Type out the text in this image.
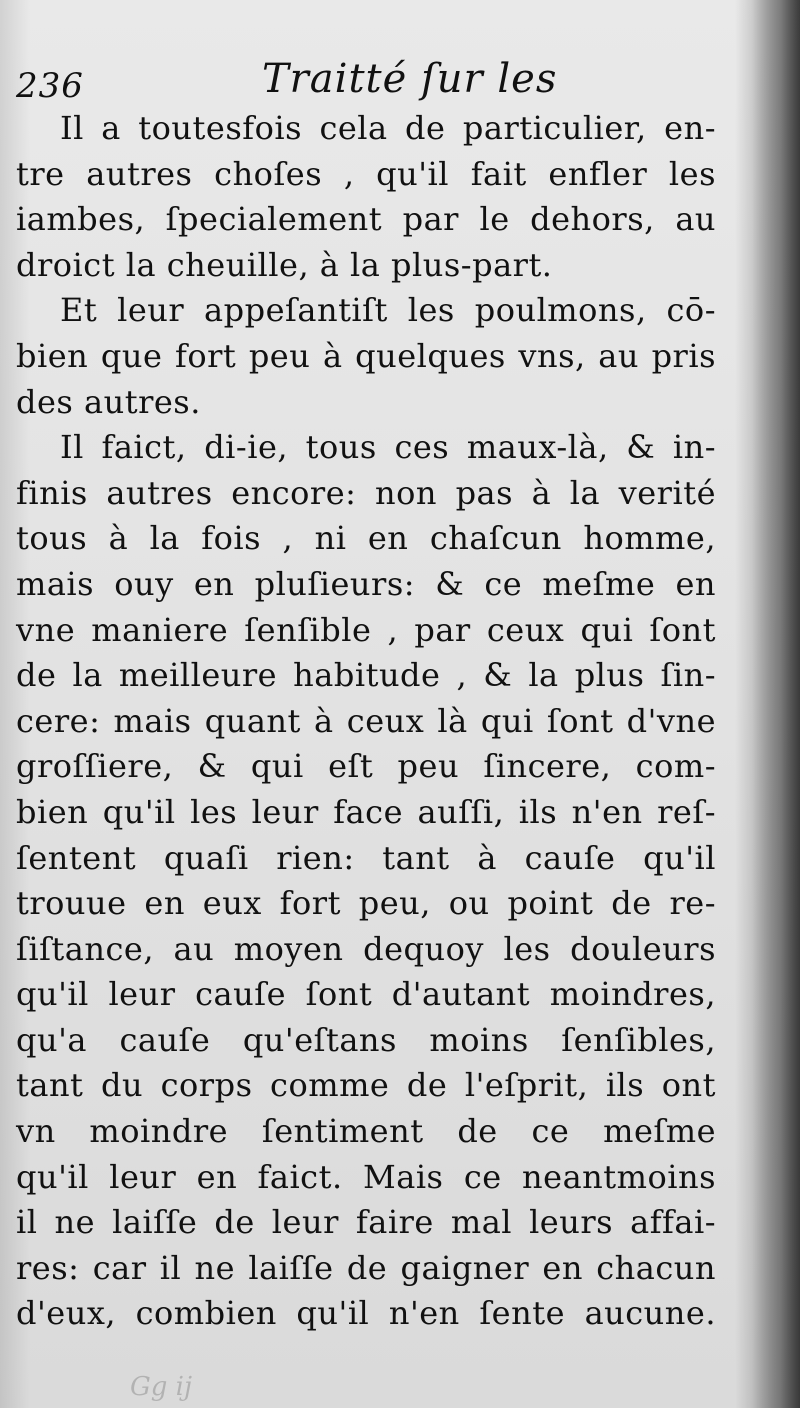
236	Traitté ſur les
Il a toutesfois cela de particulier, en-
tre autres choſes , qu'il fait enfler les
iambes, ſpecialement par le dehors, au
droict la cheuille, à la plus-part.
Et leur appeſantiſt les poulmons, cō-
bien que fort peu à quelques vns, au pris
des autres.
Il faict, di-ie, tous ces maux-là, & in-
finis autres encore: non pas à la verité
tous à la fois , ni en chaſcun homme,
mais ouy en pluſieurs: & ce meſme en
vne maniere ſenſible , par ceux qui ſont
de la meilleure habitude , & la plus ſin-
cere: mais quant à ceux là qui ſont d'vne
groſſiere, & qui eſt peu ſincere, com-
bien qu'il les leur face auſſi, ils n'en reſ-
ſentent quaſi rien: tant à cauſe qu'il
trouue en eux fort peu, ou point de re-
ſiſtance, au moyen dequoy les douleurs
qu'il leur cauſe ſont d'autant moindres,
qu'a cauſe qu'eſtans moins ſenſibles,
tant du corps comme de l'eſprit, ils ont
vn moindre ſentiment de ce meſme
qu'il leur en faict. Mais ce neantmoins
il ne laiſſe de leur faire mal leurs affai-
res: car il ne laiſſe de gaigner en chacun
d'eux, combien qu'il n'en ſente aucune.
Gg ij
